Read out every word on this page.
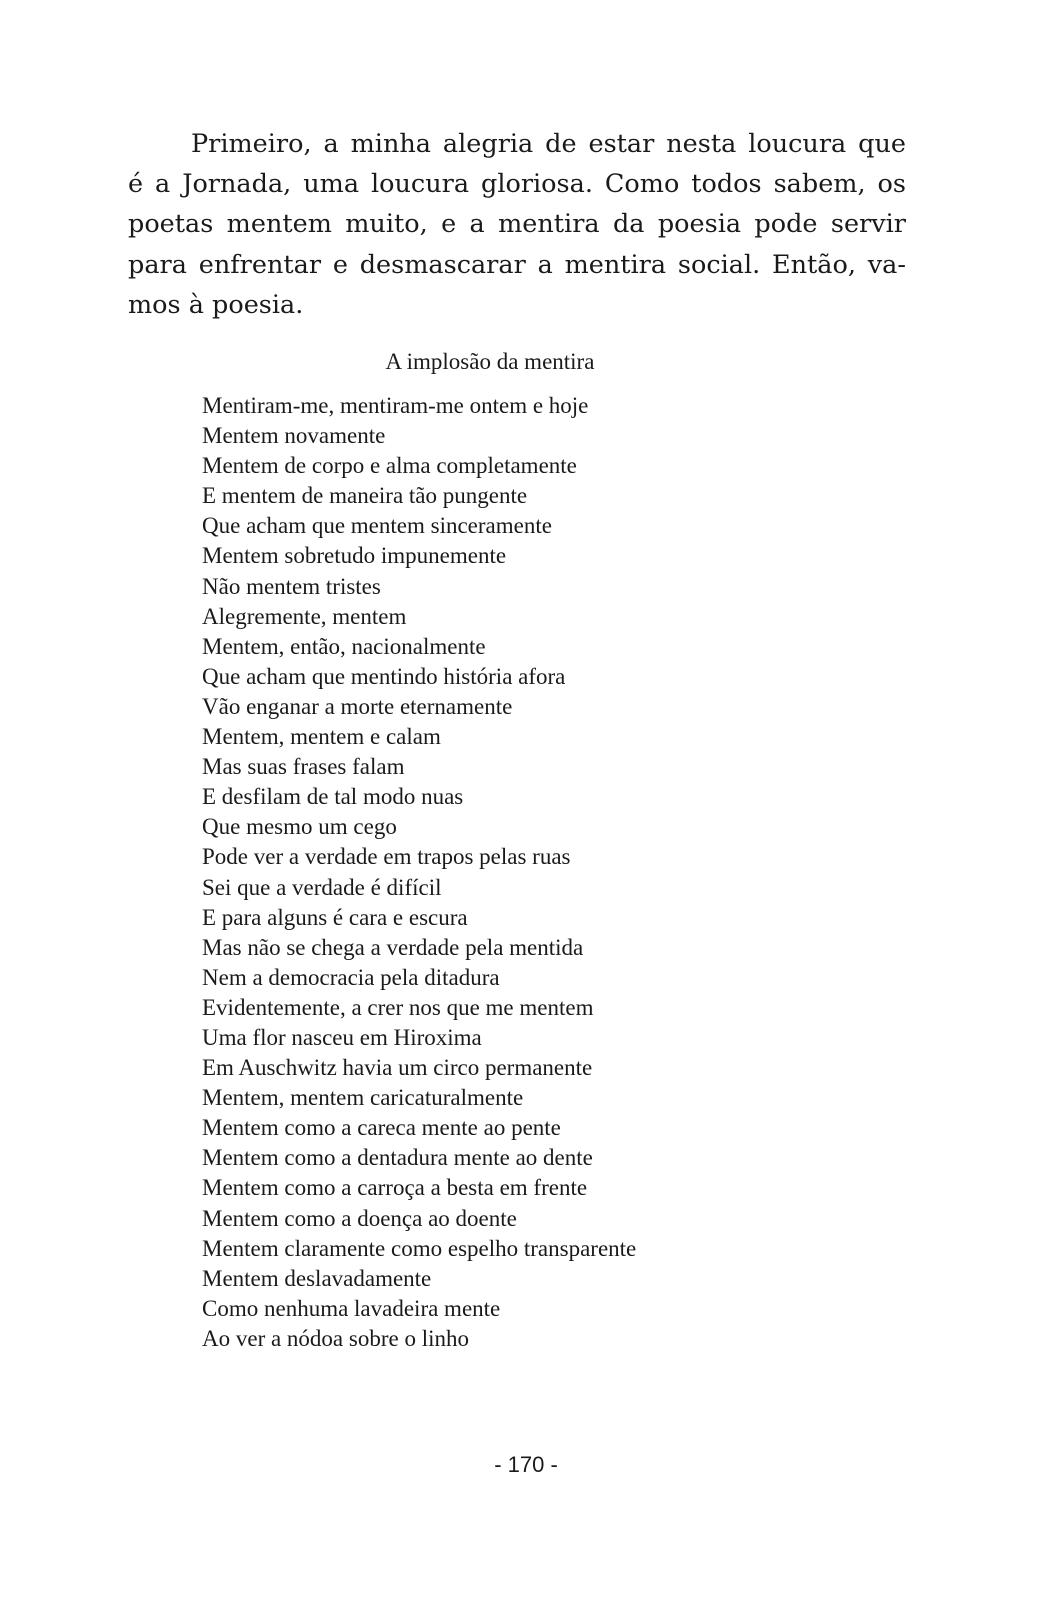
Primeiro, a minha alegria de estar nesta loucura que
é a Jornada, uma loucura gloriosa. Como todos sabem, os
poetas mentem muito, e a mentira da poesia pode servir
para enfrentar e desmascarar a mentira social. Então, va-
mos à poesia.

A implosão da mentira
Mentiram-me, mentiram-me ontem e hoje
Mentem novamente
Mentem de corpo e alma completamente
E mentem de maneira tão pungente
Que acham que mentem sinceramente
Mentem sobretudo impunemente
Não mentem tristes
Alegremente, mentem
Mentem, então, nacionalmente
Que acham que mentindo história afora
Vão enganar a morte eternamente
Mentem, mentem e calam
Mas suas frases falam
E desfilam de tal modo nuas
Que mesmo um cego
Pode ver a verdade em trapos pelas ruas
Sei que a verdade é difícil
E para alguns é cara e escura
Mas não se chega a verdade pela mentida
Nem a democracia pela ditadura
Evidentemente, a crer nos que me mentem
Uma flor nasceu em Hiroxima
Em Auschwitz havia um circo permanente
Mentem, mentem caricaturalmente
Mentem como a careca mente ao pente
Mentem como a dentadura mente ao dente
Mentem como a carroça a besta em frente
Mentem como a doença ao doente
Mentem claramente como espelho transparente
Mentem deslavadamente
Como nenhuma lavadeira mente
Ao ver a nódoa sobre o linho
- 170 -
